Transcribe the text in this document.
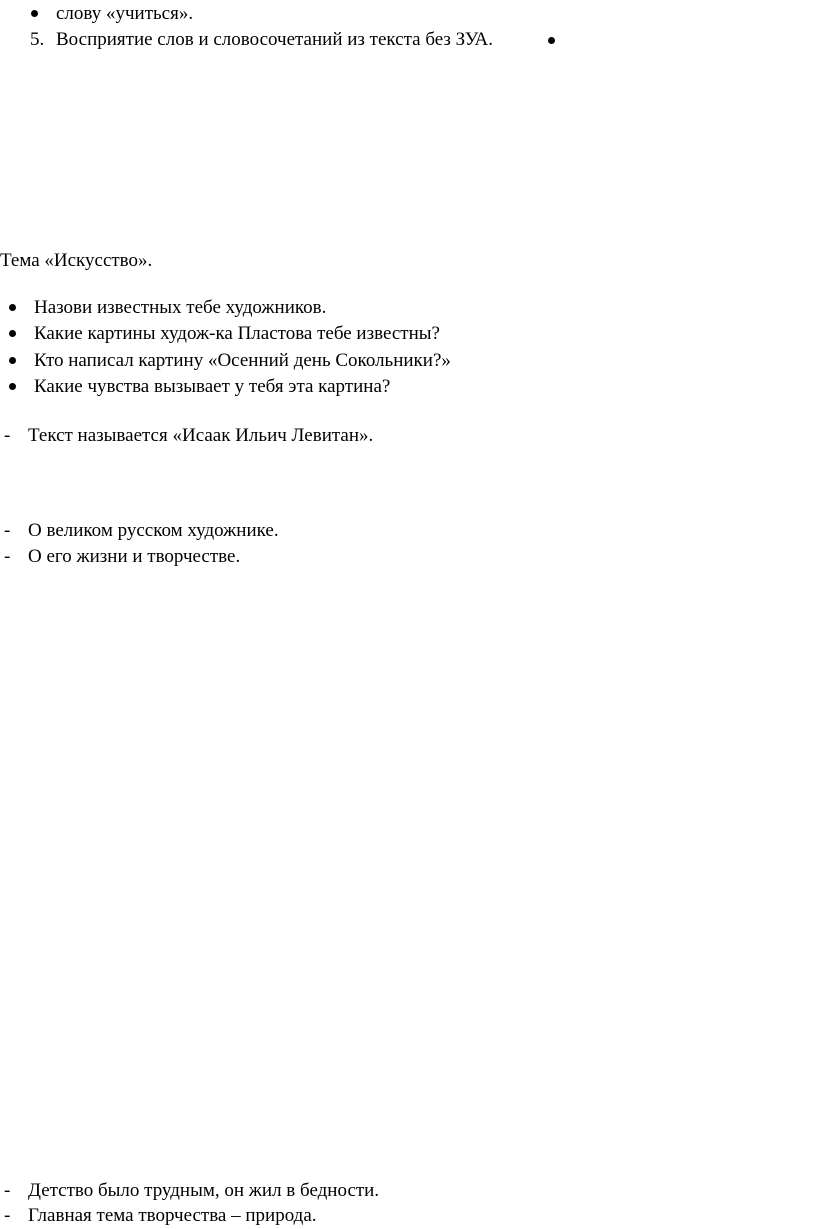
слову «учиться».
5. Восприятие слов и словосочетаний из текста без ЗУА.
Тема «Искусство».
Назови известных тебе художников.
Какие картины худож-ка Пластова тебе известны?
Кто написал картину «Осенний день Сокольники?»
Какие чувства вызывает у тебя эта картина?
- Текст называется «Исаак Ильич Левитан».
- О великом русском художнике.
- О его жизни и творчестве.
- Детство было трудным, он жил в бедности.
- Главная тема творчества – природа.
